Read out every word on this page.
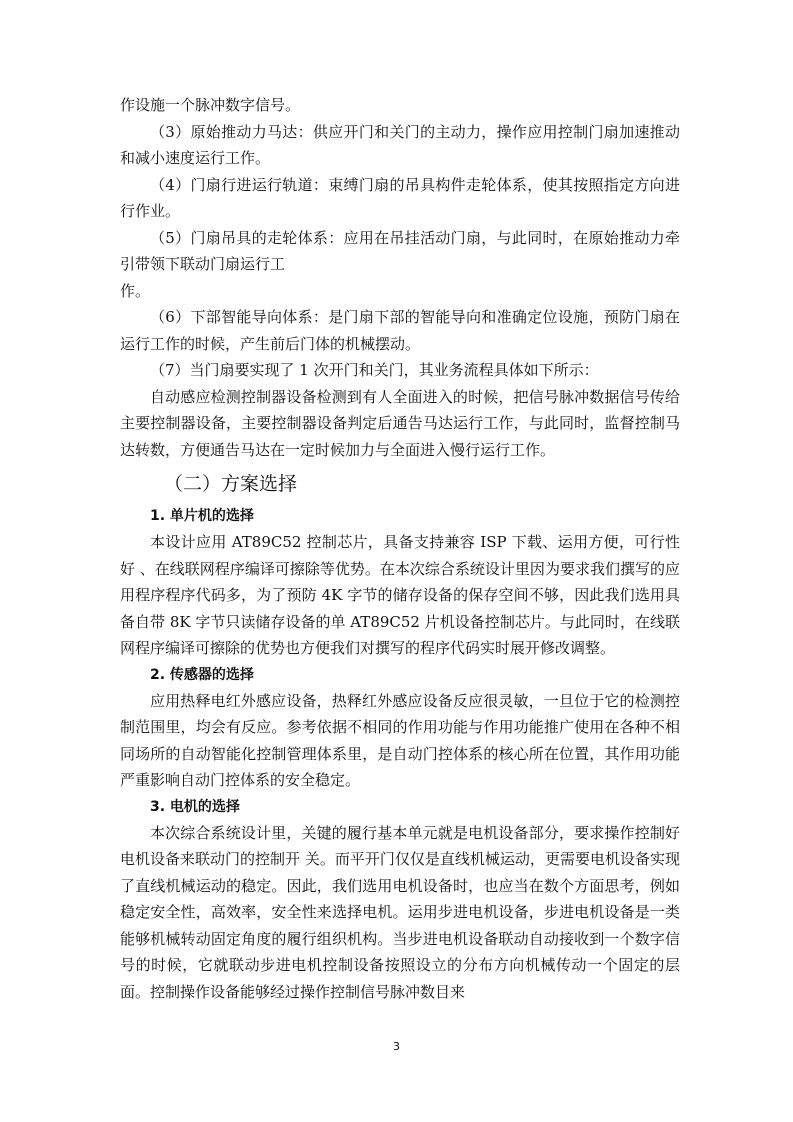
作设施一个脉冲数字信号。

（3）原始推动力马达：供应开门和关门的主动力，操作应用控制门扇加速推动和减小速度运行工作。

（4）门扇行进运行轨道：束缚门扇的吊具构件走轮体系，使其按照指定方向进行作业。

（5）门扇吊具的走轮体系：应用在吊挂活动门扇，与此同时，在原始推动力牵引带领下联动门扇运行工

作。

（6）下部智能导向体系：是门扇下部的智能导向和准确定位设施，预防门扇在运行工作的时候，产生前后门体的机械摆动。

（7）当门扇要实现了 1 次开门和关门，其业务流程具体如下所示：

自动感应检测控制器设备检测到有人全面进入的时候，把信号脉冲数据信号传给主要控制器设备，主要控制器设备判定后通告马达运行工作，与此同时，监督控制马达转数，方便通告马达在一定时候加力与全面进入慢行运行工作。

（二）方案选择
1. 单片机的选择

本设计应用 AT89C52 控制芯片，具备支持兼容 ISP 下载、运用方便，可行性好 、在线联网程序编译可擦除等优势。在本次综合系统设计里因为要求我们撰写的应用程序程序代码多，为了预防 4K 字节的储存设备的保存空间不够，因此我们选用具备自带 8K 字节只读储存设备的单 AT89C52 片机设备控制芯片。与此同时，在线联网程序编译可擦除的优势也方便我们对撰写的程序代码实时展开修改调整。

2. 传感器的选择

应用热释电红外感应设备，热释红外感应设备反应很灵敏，一旦位于它的检测控制范围里，均会有反应。参考依据不相同的作用功能与作用功能推广使用在各种不相同场所的自动智能化控制管理体系里，是自动门控体系的核心所在位置，其作用功能严重影响自动门控体系的安全稳定。

3. 电机的选择

本次综合系统设计里，关键的履行基本单元就是电机设备部分，要求操作控制好电机设备来联动门的控制开 关。而平开门仅仅是直线机械运动，更需要电机设备实现了直线机械运动的稳定。因此，我们选用电机设备时，也应当在数个方面思考，例如稳定安全性，高效率，安全性来选择电机。运用步进电机设备，步进电机设备是一类能够机械转动固定角度的履行组织机构。当步进电机设备联动自动接收到一个数字信号的时候，它就联动步进电机控制设备按照设立的分布方向机械传动一个固定的层面。控制操作设备能够经过操作控制信号脉冲数目来

3
